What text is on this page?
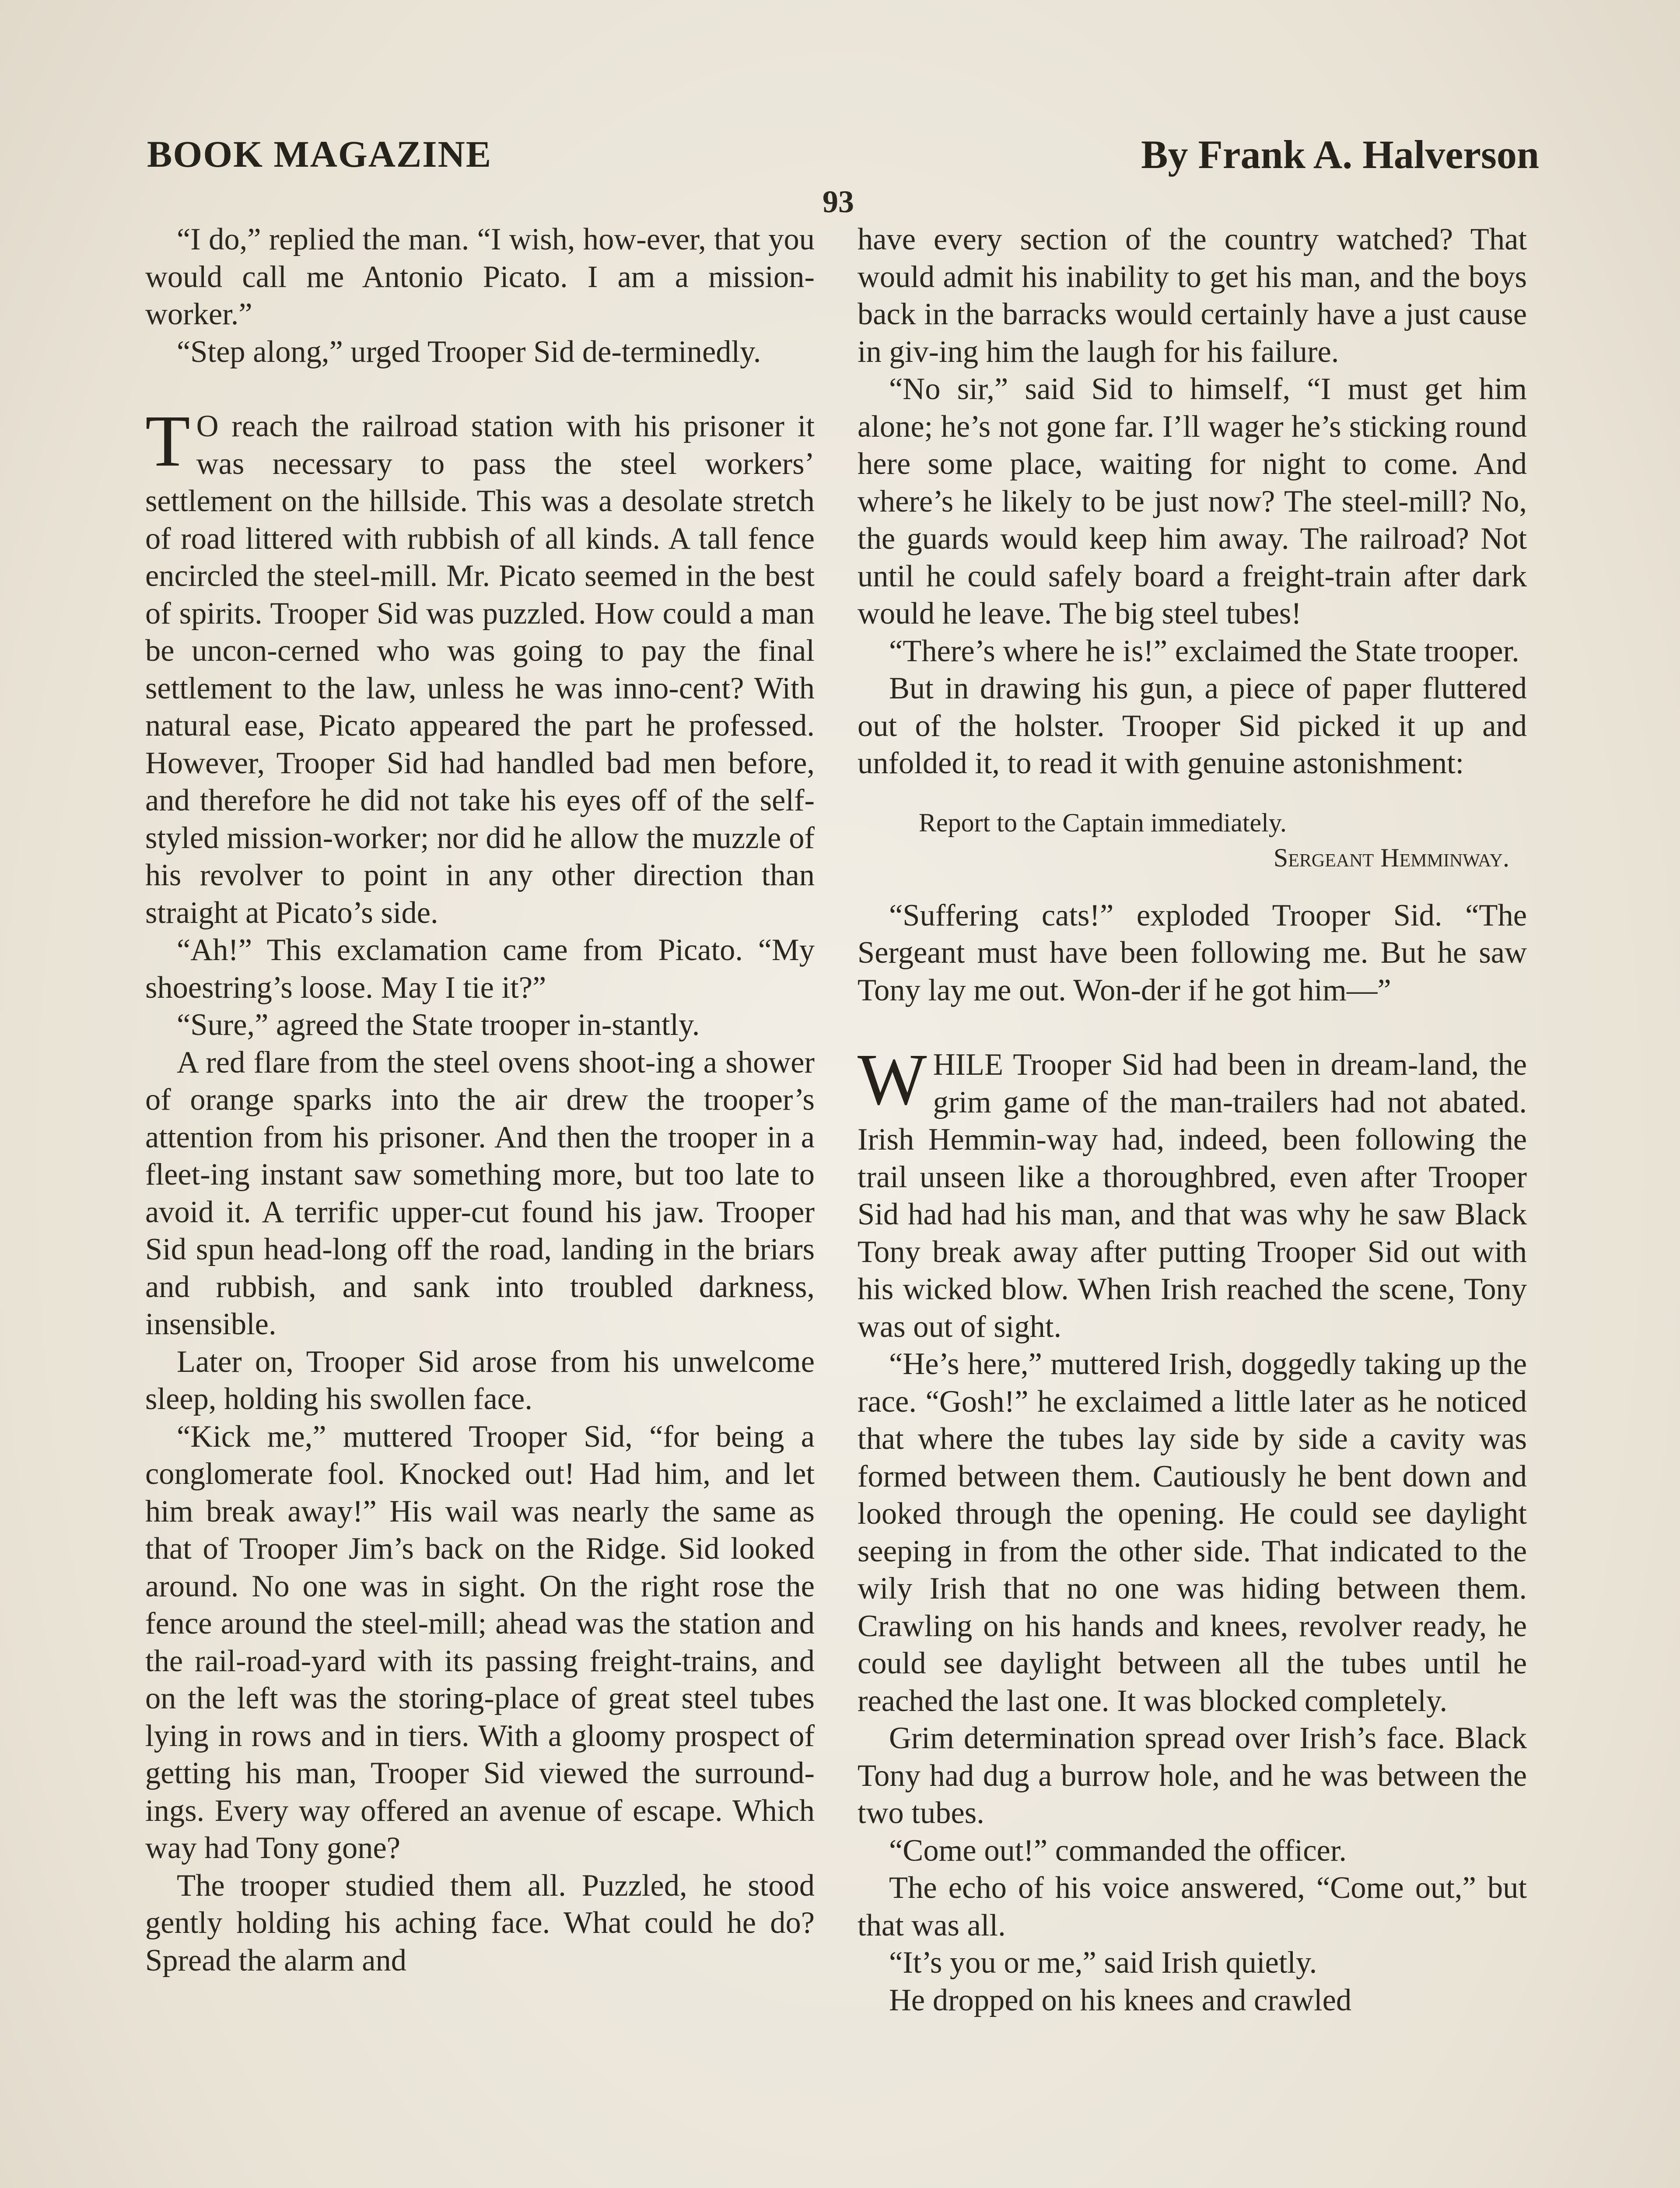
BOOK MAGAZINE	By Frank A. Halverson
93

“I do,” replied the man. “I wish, how-ever, that you would call me Antonio Picato. I am a mission-worker.”

“Step along,” urged Trooper Sid de-terminedly.

T O reach the railroad station with his prisoner it was necessary to pass the steel workers’ settlement on the hillside. This was a desolate stretch of road littered with rubbish of all kinds. A tall fence encircled the steel-mill. Mr. Picato seemed in the best of spirits. Trooper Sid was puzzled. How could a man be uncon-cerned who was going to pay the final settlement to the law, unless he was inno-cent? With natural ease, Picato appeared the part he professed. However, Trooper Sid had handled bad men before, and therefore he did not take his eyes off of the self-styled mission-worker; nor did he allow the muzzle of his revolver to point in any other direction than straight at Picato’s side.

“Ah!” This exclamation came from Picato. “My shoestring’s loose. May I tie it?”

“Sure,” agreed the State trooper in-stantly.

A red flare from the steel ovens shoot-ing a shower of orange sparks into the air drew the trooper’s attention from his prisoner. And then the trooper in a fleet-ing instant saw something more, but too late to avoid it. A terrific upper-cut found his jaw. Trooper Sid spun head-long off the road, landing in the briars and rubbish, and sank into troubled darkness, insensible.

Later on, Trooper Sid arose from his unwelcome sleep, holding his swollen face.

“Kick me,” muttered Trooper Sid, “for being a conglomerate fool. Knocked out! Had him, and let him break away!” His wail was nearly the same as that of Trooper Jim’s back on the Ridge. Sid looked around. No one was in sight. On the right rose the fence around the steel-mill; ahead was the station and the rail-road-yard with its passing freight-trains, and on the left was the storing-place of great steel tubes lying in rows and in tiers. With a gloomy prospect of getting his man, Trooper Sid viewed the surround-ings. Every way offered an avenue of escape. Which way had Tony gone?

The trooper studied them all. Puzzled, he stood gently holding his aching face. What could he do? Spread the alarm and

have every section of the country watched? That would admit his inability to get his man, and the boys back in the barracks would certainly have a just cause in giv-ing him the laugh for his failure.

“No sir,” said Sid to himself, “I must get him alone; he’s not gone far. I’ll wager he’s sticking round here some place, waiting for night to come. And where’s he likely to be just now? The steel-mill? No, the guards would keep him away. The railroad? Not until he could safely board a freight-train after dark would he leave. The big steel tubes!

“There’s where he is!” exclaimed the State trooper.

But in drawing his gun, a piece of paper fluttered out of the holster. Trooper Sid picked it up and unfolded it, to read it with genuine astonishment:

Report to the Captain immediately.
Sergeant Hemminway.

“Suffering cats!” exploded Trooper Sid. “The Sergeant must have been following me. But he saw Tony lay me out. Won-der if he got him—”

WHILE Trooper Sid had been in dream-land, the grim game of the man-trailers had not abated. Irish Hemmin-way had, indeed, been following the trail unseen like a thoroughbred, even after Trooper Sid had had his man, and that was why he saw Black Tony break away after putting Trooper Sid out with his wicked blow. When Irish reached the scene, Tony was out of sight.

“He’s here,” muttered Irish, doggedly taking up the race. “Gosh!” he exclaimed a little later as he noticed that where the tubes lay side by side a cavity was formed between them. Cautiously he bent down and looked through the opening. He could see daylight seeping in from the other side. That indicated to the wily Irish that no one was hiding between them. Crawling on his hands and knees, revolver ready, he could see daylight between all the tubes until he reached the last one. It was blocked completely.

Grim determination spread over Irish’s face. Black Tony had dug a burrow hole, and he was between the two tubes.

“Come out!” commanded the officer.

The echo of his voice answered, “Come out,” but that was all.

“It’s you or me,” said Irish quietly.

He dropped on his knees and crawled
